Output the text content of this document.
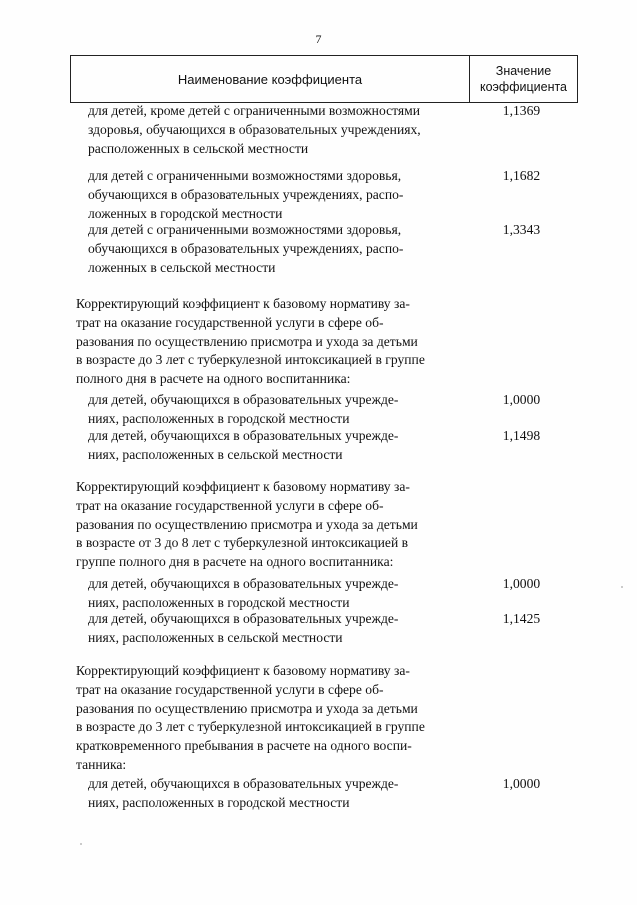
7
Наименование коэффициента
Значение
коэффициента
для детей, кроме детей с ограниченными возможностями
здоровья, обучающихся в образовательных учреждениях,
расположенных в сельской местности
1,1369
для детей с ограниченными возможностями здоровья,
обучающихся в образовательных учреждениях, распо-
ложенных в городской местности
1,1682
для детей с ограниченными возможностями здоровья,
обучающихся в образовательных учреждениях, распо-
ложенных в сельской местности
1,3343
Корректирующий коэффициент к базовому нормативу за-
трат на оказание государственной услуги в сфере об-
разования по осуществлению присмотра и ухода за детьми
в возрасте до 3 лет с туберкулезной интоксикацией в группе
полного дня в расчете на одного воспитанника:
для детей, обучающихся в образовательных учрежде-
ниях, расположенных в городской местности
1,0000
для детей, обучающихся в образовательных учрежде-
ниях, расположенных в сельской местности
1,1498
Корректирующий коэффициент к базовому нормативу за-
трат на оказание государственной услуги в сфере об-
разования по осуществлению присмотра и ухода за детьми
в возрасте от 3 до 8 лет с туберкулезной интоксикацией в
группе полного дня в расчете на одного воспитанника:
для детей, обучающихся в образовательных учрежде-
ниях, расположенных в городской местности
1,0000
для детей, обучающихся в образовательных учрежде-
ниях, расположенных в сельской местности
1,1425
Корректирующий коэффициент к базовому нормативу за-
трат на оказание государственной услуги в сфере об-
разования по осуществлению присмотра и ухода за детьми
в возрасте до 3 лет с туберкулезной интоксикацией в группе
кратковременного пребывания в расчете на одного воспи-
танника:
для детей, обучающихся в образовательных учрежде-
ниях, расположенных в городской местности
1,0000
